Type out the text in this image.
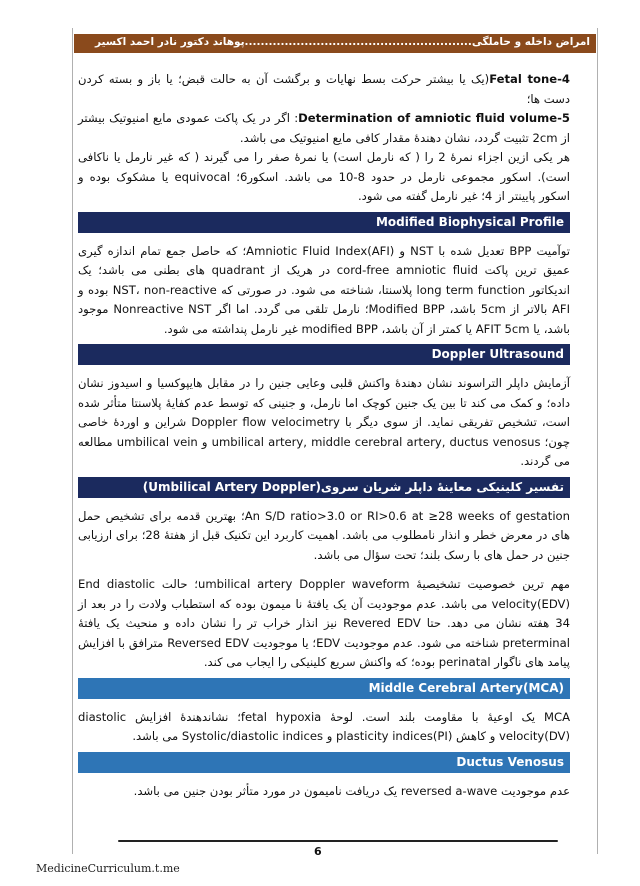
امراض داخله و حاملگی.........................................................پوهاند دکتور نادر احمد اکسیر

Fetal tone-4(یک یا بیشتر حرکت بسط نهایات و برگشت آن به حالت قبض؛ یا باز و بسته کردن دست ها؛

Determination of amniotic fluid volume-5: اگر در یک پاکت عمودی مایع امنیوتیک بیشتر از 2cm تثبیت گردد، نشان دهندۀ مقدار کافی مایع امنیوتیک می باشد.

هر یکی ازین اجزاء نمرۀ 2 را ( که نارمل است) یا نمرۀ صفر را می گیرند ( که غیر نارمل یا ناکافی است). اسکور مجموعی نارمل در حدود 8-10 می باشد. اسکور6؛ equivocal یا مشکوک بوده و اسکور پایینتر از 4؛ غیر نارمل گفته می شود.

Modified Biophysical Profile

توآمیت BPP تعدیل شده با NST و Amniotic Fluid Index(AFI)؛ که حاصل جمع تمام اندازه گیری عمیق ترین پاکت cord-free amniotic fluid در هریک از quadrant های بطنی می باشد؛ یک اندیکاتور long term function پلاسنتا، شناخته می شود. در صورتی که NST، non-reactive بوده و AFI بالاتر از 5cm باشد، Modified BPP؛ نارمل تلقی می گردد. اما اگر Nonreactive NST موجود باشد، یا AFIT 5cm یا کمتر از آن باشد، modified BPP غیر نارمل پنداشته می شود.

Doppler Ultrasound

آزمایش داپلر التراسوند نشان دهندۀ واکنش قلبی وعایی جنین را در مقابل هایپوکسیا و اسیدوز نشان داده؛ و کمک می کند تا بین یک جنین کوچک اما نارمل، و جنینی که توسط عدم کفایۀ پلاسنتا متأثر شده است، تشخیص تفریقی نماید. از سوی دیگر با Doppler flow velocimetry شراین و اوردۀ خاصی چون؛ umbilical artery, middle cerebral artery, ductus venosus و umbilical vein مطالعه می گردند.

تفسیر کلینیکی معاینۀ داپلر شریان سروی(Umbilical Artery Doppler)

An S/D ratio>3.0 or RI>0.6 at ≥28 weeks of gestation؛ بهترین قدمه برای تشخیص حمل های در معرض خطر و انذار نامطلوب می باشد. اهمیت کاربرد این تکنیک قبل از هفتۀ 28؛ برای ارزیابی جنین در حمل های با رسک بلند؛ تحت سؤال می باشد.

مهم ترین خصوصیت تشخیصیۀ umbilical artery Doppler waveform؛ حالت End diastolic velocity(EDV) می باشد. عدم موجودیت آن یک یافتۀ نا میمون بوده که استطباب ولادت را در بعد از 34 هفته نشان می دهد. حتا Revered EDV نیز انذار خراب تر را نشان داده و منحیث یک یافتۀ preterminal شناخته می شود. عدم موجودیت EDV؛ یا موجودیت Reversed EDV مترافق با افزایش پیامد های ناگوار perinatal بوده؛ که واکنش سریع کلینیکی را ایجاب می کند.

Middle Cerebral Artery(MCA)

MCA یک اوعیۀ با مقاومت بلند است. لوحۀ fetal hypoxia؛ نشاندهندۀ افزایش diastolic velocity(DV) و کاهش plasticity indices(PI) و Systolic/diastolic indices می باشد.

Ductus Venosus

عدم موجودیت reversed a-wave یک دریافت نامیمون در مورد متأثر بودن جنین می باشد.

6
MedicineCurriculum.t.me
